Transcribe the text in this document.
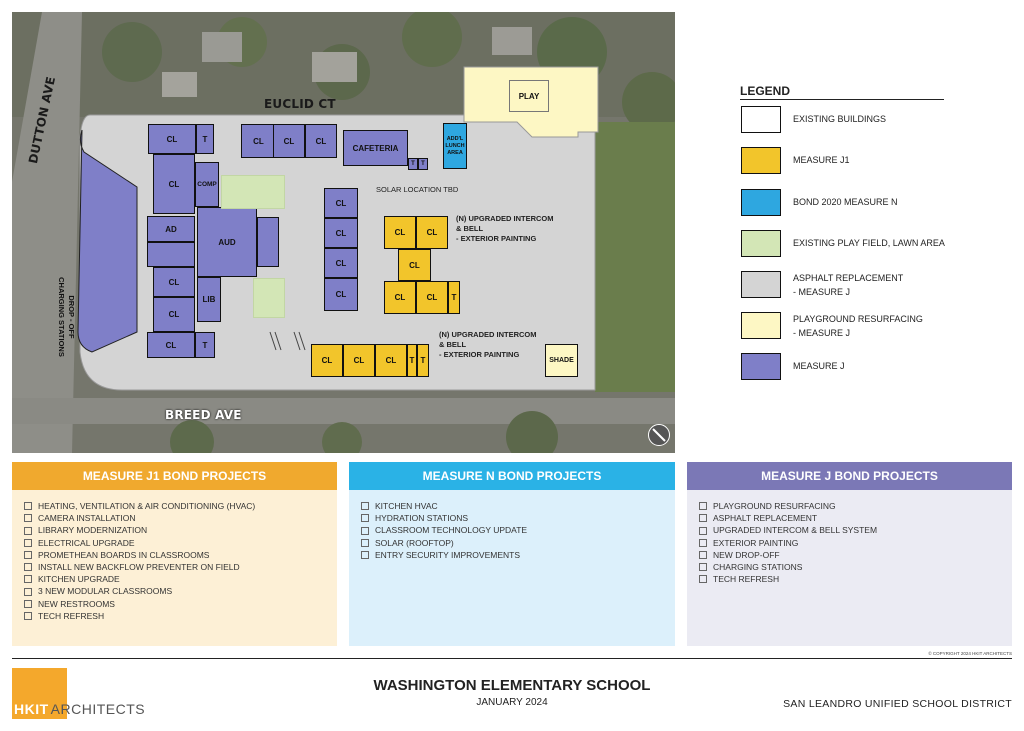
DUTTON AVE	EUCLID CT
BREED AVE
DROP - OFF
CHARGING STATIONS
CL	T
CL	COMP
AD
AUD
CL
CL
LIB
CL	T
CL	CL	CL
CAFETERIA
T	T
ADD'L LUNCH AREA
CL
CL
CL
CL
SOLAR LOCATION TBD
CL	CL
CL
CL	CL	T
(N) UPGRADED INTERCOM
& BELL
- EXTERIOR PAINTING
CL	CL	CL	T T
(N) UPGRADED INTERCOM
& BELL
- EXTERIOR PAINTING
SHADE
PLAY	LEGEND
EXISTING BUILDINGS
MEASURE J1
BOND 2020 MEASURE N
EXISTING PLAY FIELD, LAWN AREA
ASPHALT REPLACEMENT
- MEASURE J
PLAYGROUND RESURFACING
- MEASURE J
MEASURE J
MEASURE J1 BOND PROJECTS
HEATING, VENTILATION & AIR CONDITIONING (HVAC)
CAMERA INSTALLATION
LIBRARY MODERNIZATION
ELECTRICAL UPGRADE
PROMETHEAN BOARDS IN CLASSROOMS
INSTALL NEW BACKFLOW PREVENTER ON FIELD
KITCHEN UPGRADE
3 NEW MODULAR CLASSROOMS
NEW RESTROOMS
TECH REFRESH
MEASURE N BOND PROJECTS
KITCHEN HVAC
HYDRATION STATIONS
CLASSROOM TECHNOLOGY UPDATE
SOLAR (ROOFTOP)
ENTRY SECURITY IMPROVEMENTS
MEASURE J BOND PROJECTS
PLAYGROUND RESURFACING
ASPHALT REPLACEMENT
UPGRADED INTERCOM & BELL SYSTEM
EXTERIOR PAINTING
NEW DROP-OFF
CHARGING STATIONS
TECH REFRESH
© COPYRIGHT 2024 HKIT ARCHITECTS
HKIT ARCHITECTS
WASHINGTON ELEMENTARY SCHOOL
JANUARY 2024	SAN LEANDRO UNIFIED SCHOOL DISTRICT
